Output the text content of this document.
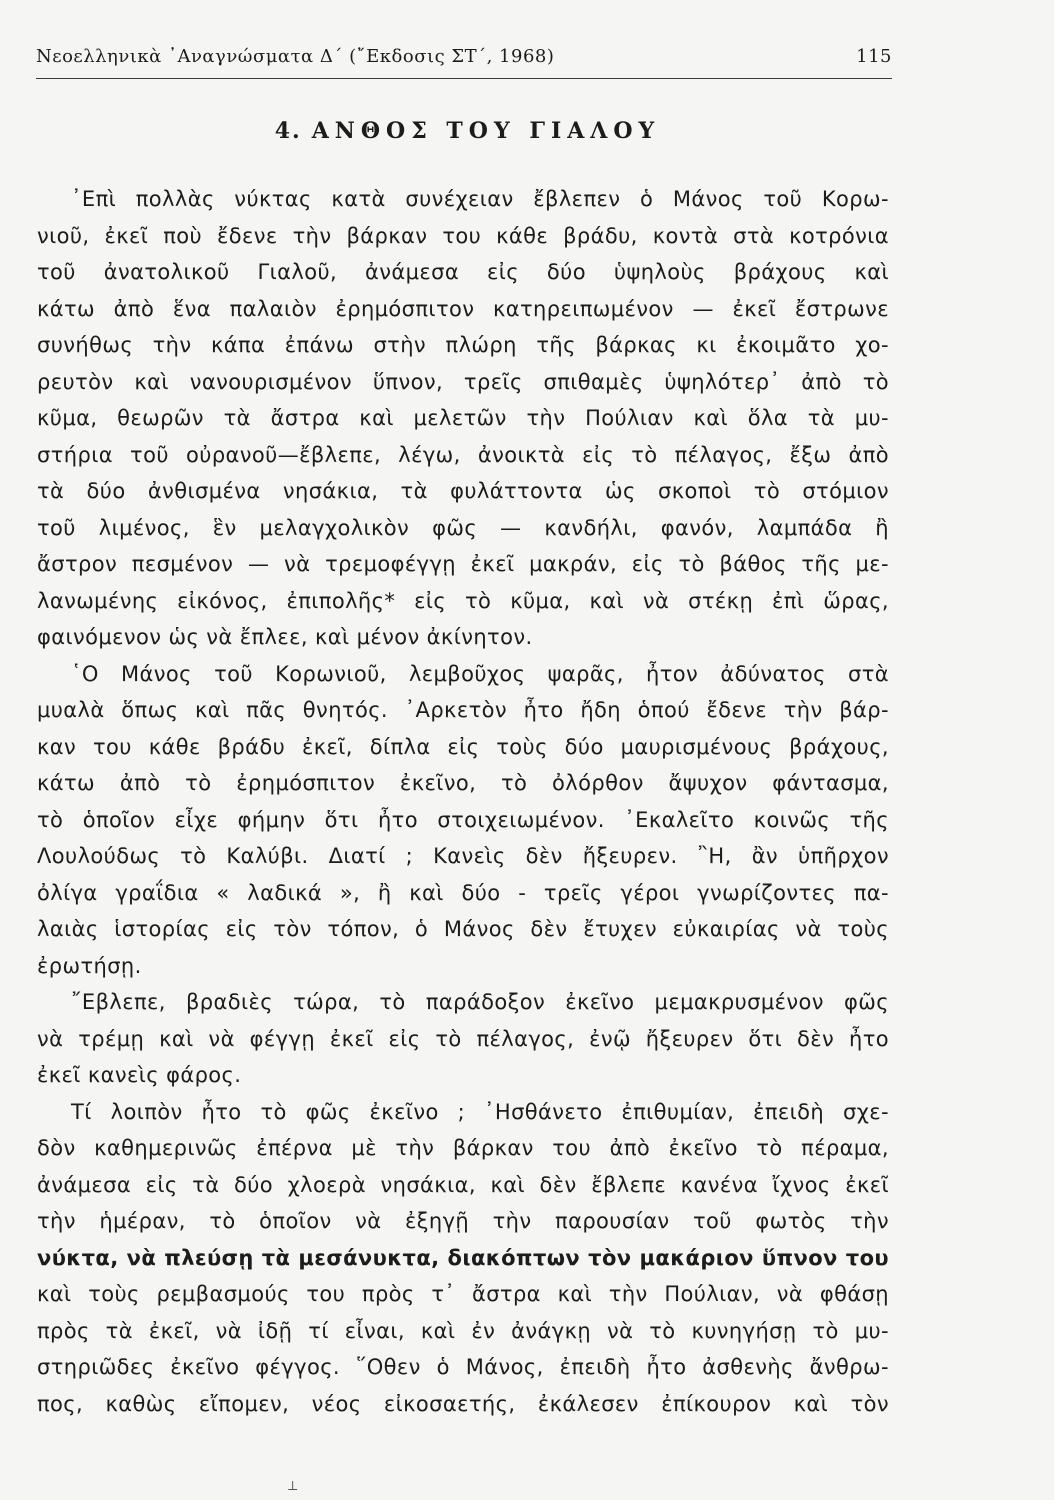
Νεοελληνικὰ ᾿Αναγνώσματα Δ΄ (῎Εκδοσις ΣΤ΄, 1968)	115
4. ΑΝΘΟΣ ΤΟΥ ΓΙΑΛΟΥ
᾿Επὶ πολλὰς νύκτας κατὰ συνέχειαν ἔβλεπεν ὁ Μάνος τοῦ Κορω-
νιοῦ, ἐκεῖ ποὺ ἔδενε τὴν βάρκαν του κάθε βράδυ, κοντὰ στὰ κοτρόνια
τοῦ ἀνατολικοῦ Γιαλοῦ, ἀνάμεσα εἰς δύο ὑψηλοὺς βράχους καὶ
κάτω ἀπὸ ἕνα παλαιὸν ἐρημόσπιτον κατηρειπωμένον — ἐκεῖ ἔστρωνε
συνήθως τὴν κάπα ἐπάνω στὴν πλώρη τῆς βάρκας κι ἐκοιμᾶτο χο-
ρευτὸν καὶ νανουρισμένον ὕπνον, τρεῖς σπιθαμὲς ὑψηλότερ᾿ ἀπὸ τὸ
κῦμα, θεωρῶν τὰ ἄστρα καὶ μελετῶν τὴν Πούλιαν καὶ ὅλα τὰ μυ-
στήρια τοῦ οὐρανοῦ—ἔβλεπε, λέγω, ἀνοικτὰ εἰς τὸ πέλαγος, ἔξω ἀπὸ
τὰ δύο ἀνθισμένα νησάκια, τὰ φυλάττοντα ὡς σκοποὶ τὸ στόμιον
τοῦ λιμένος, ἓν μελαγχολικὸν φῶς — κανδήλι, φανόν, λαμπάδα ἢ
ἄστρον πεσμένον — νὰ τρεμοφέγγῃ ἐκεῖ μακράν, εἰς τὸ βάθος τῆς με-
λανωμένης εἰκόνος, ἐπιπολῆς* εἰς τὸ κῦμα, καὶ νὰ στέκῃ ἐπὶ ὥρας,
φαινόμενον ὡς νὰ ἔπλεε, καὶ μένον ἀκίνητον.
῾Ο Μάνος τοῦ Κορωνιοῦ, λεμβοῦχος ψαρᾶς, ἦτον ἀδύνατος στὰ
μυαλὰ ὅπως καὶ πᾶς θνητός. ᾿Αρκετὸν ἦτο ἤδη ὁπού ἔδενε τὴν βάρ-
καν του κάθε βράδυ ἐκεῖ, δίπλα εἰς τοὺς δύο μαυρισμένους βράχους,
κάτω ἀπὸ τὸ ἐρημόσπιτον ἐκεῖνο, τὸ ὀλόρθον ἄψυχον φάντασμα,
τὸ ὁποῖον εἶχε φήμην ὅτι ἦτο στοιχειωμένον. ᾿Εκαλεῖτο κοινῶς τῆς
Λουλούδως τὸ Καλύβι. Διατί ; Κανεὶς δὲν ἤξευρεν. ῍Η, ἂν ὑπῆρχον
ὀλίγα γραΐδια « λαδικά », ἢ καὶ δύο - τρεῖς γέροι γνωρίζοντες πα-
λαιὰς ἱστορίας εἰς τὸν τόπον, ὁ Μάνος δὲν ἔτυχεν εὐκαιρίας νὰ τοὺς
ἐρωτήσῃ.
῎Εβλεπε, βραδιὲς τώρα, τὸ παράδοξον ἐκεῖνο μεμακρυσμένον φῶς
νὰ τρέμῃ καὶ νὰ φέγγῃ ἐκεῖ εἰς τὸ πέλαγος, ἐνῷ ἤξευρεν ὅτι δὲν ἦτο
ἐκεῖ κανεὶς φάρος.
Τί λοιπὸν ἦτο τὸ φῶς ἐκεῖνο ; ᾿Ησθάνετο ἐπιθυμίαν, ἐπειδὴ σχε-
δὸν καθημερινῶς ἐπέρνα μὲ τὴν βάρκαν του ἀπὸ ἐκεῖνο τὸ πέραμα,
ἀνάμεσα εἰς τὰ δύο χλοερὰ νησάκια, καὶ δὲν ἔβλεπε κανένα ἴχνος ἐκεῖ
τὴν ἡμέραν, τὸ ὁποῖον νὰ ἐξηγῇ τὴν παρουσίαν τοῦ φωτὸς τὴν
νύκτα, νὰ πλεύσῃ τὰ μεσάνυκτα, διακόπτων τὸν μακάριον ὕπνον του
καὶ τοὺς ρεμβασμούς του πρὸς τ᾿ ἄστρα καὶ τὴν Πούλιαν, νὰ φθάσῃ
πρὸς τὰ ἐκεῖ, νὰ ἰδῇ τί εἶναι, καὶ ἐν ἀνάγκῃ νὰ τὸ κυνηγήσῃ τὸ μυ-
στηριῶδες ἐκεῖνο φέγγος. ῞Οθεν ὁ Μάνος, ἐπειδὴ ἦτο ἀσθενὴς ἄνθρω-
πος, καθὼς εἴπομεν, νέος εἰκοσαετής, ἐκάλεσεν ἐπίκουρον καὶ τὸν
⟂
